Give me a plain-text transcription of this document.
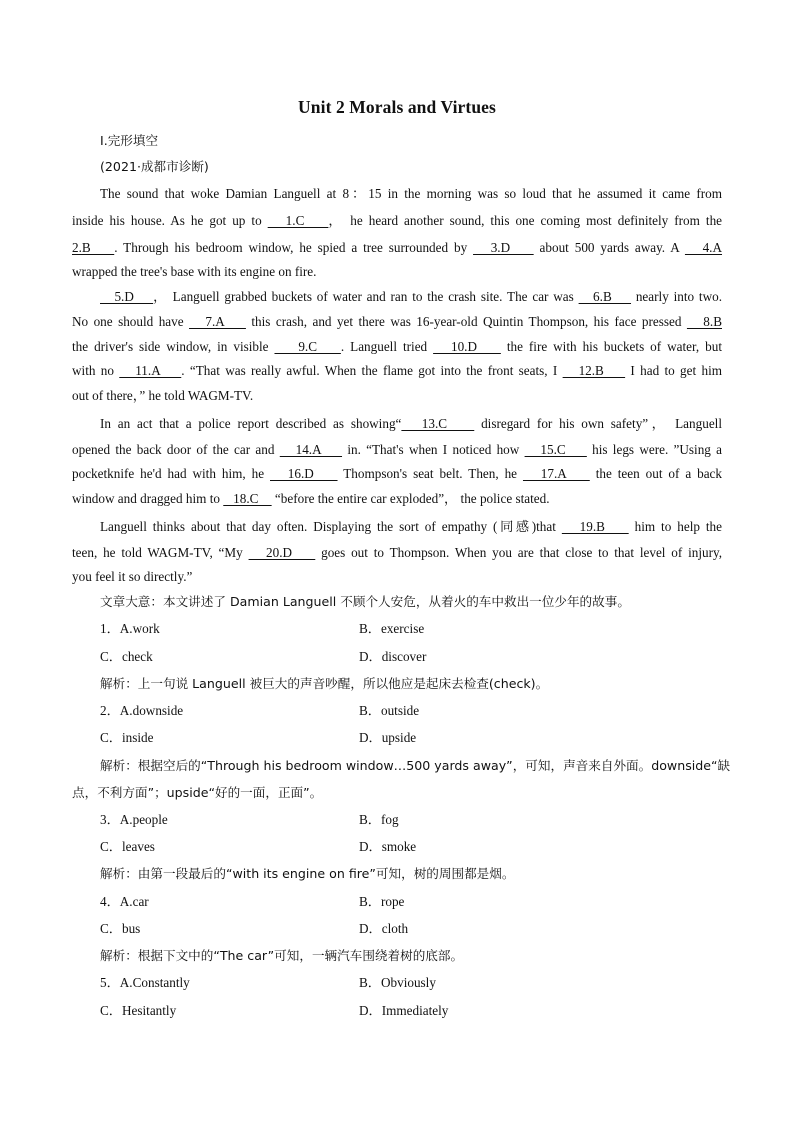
Unit 2 Morals and Virtues
Ⅰ.完形填空
(2021·成都市诊断)
The sound that woke Damian Languell at 8：15 in the morning was so loud that he assumed it came from
inside his house. As he got up to    1.C    ， he heard another sound, this one coming most definitely from the
2.B    . Through his bedroom window, he spied a tree surrounded by    3.D     about 500 yards away. A    4.A
wrapped the tree's base with its engine on fire.
5.D    ， Languell grabbed buckets of water and ran to the crash site. The car was    6.B     nearly into two.
No one should have    7.A     this crash, and yet there was 16-year-old Quintin Thompson, his face pressed    8.B
the driver's side window, in visible     9.C    . Languell tried    10.D     the fire with his buckets of water, but
with no    11.A    . “That was really awful. When the flame got into the front seats, I    12.B     I had to get him
out of there，” he told WAGM-TV.
In an act that a police report described as showing“   13.C     disregard for his own safety”， Languell
opened the back door of the car and    14.A     in. “That's when I noticed how    15.C     his legs were. ”Using a
pocketknife he'd had with him, he    16.D     Thompson's seat belt. Then, he    17.A     the teen out of a back
window and dragged him to    18.C     “before the entire car exploded”， the police stated.
Languell thinks about that day often. Displaying the sort of empathy (同感)that    19.B     him to help the
teen, he told WAGM-TV, “My    20.D     goes out to Thompson. When you are that close to that level of injury,
you feel it so directly.”
文章大意：本文讲述了 Damian Languell 不顾个人安危，从着火的车中救出一位少年的故事。
1．A.work	B．exercise
C．check	D．discover
解析：上一句说 Languell 被巨大的声音吵醒，所以他应是起床去检查(check)。
2．A.downside	B．outside
C．inside	D．upside
解析：根据空后的“Through his bedroom window…500 yards away”，可知，声音来自外面。downside“缺
点，不利方面”；upside“好的一面，正面”。
3．A.people	B．fog
C．leaves	D．smoke
解析：由第一段最后的“with its engine on fire”可知，树的周围都是烟。
4．A.car	B．rope
C．bus	D．cloth
解析：根据下文中的“The car”可知，一辆汽车围绕着树的底部。
5．A.Constantly	B．Obviously
C．Hesitantly	D．Immediately
